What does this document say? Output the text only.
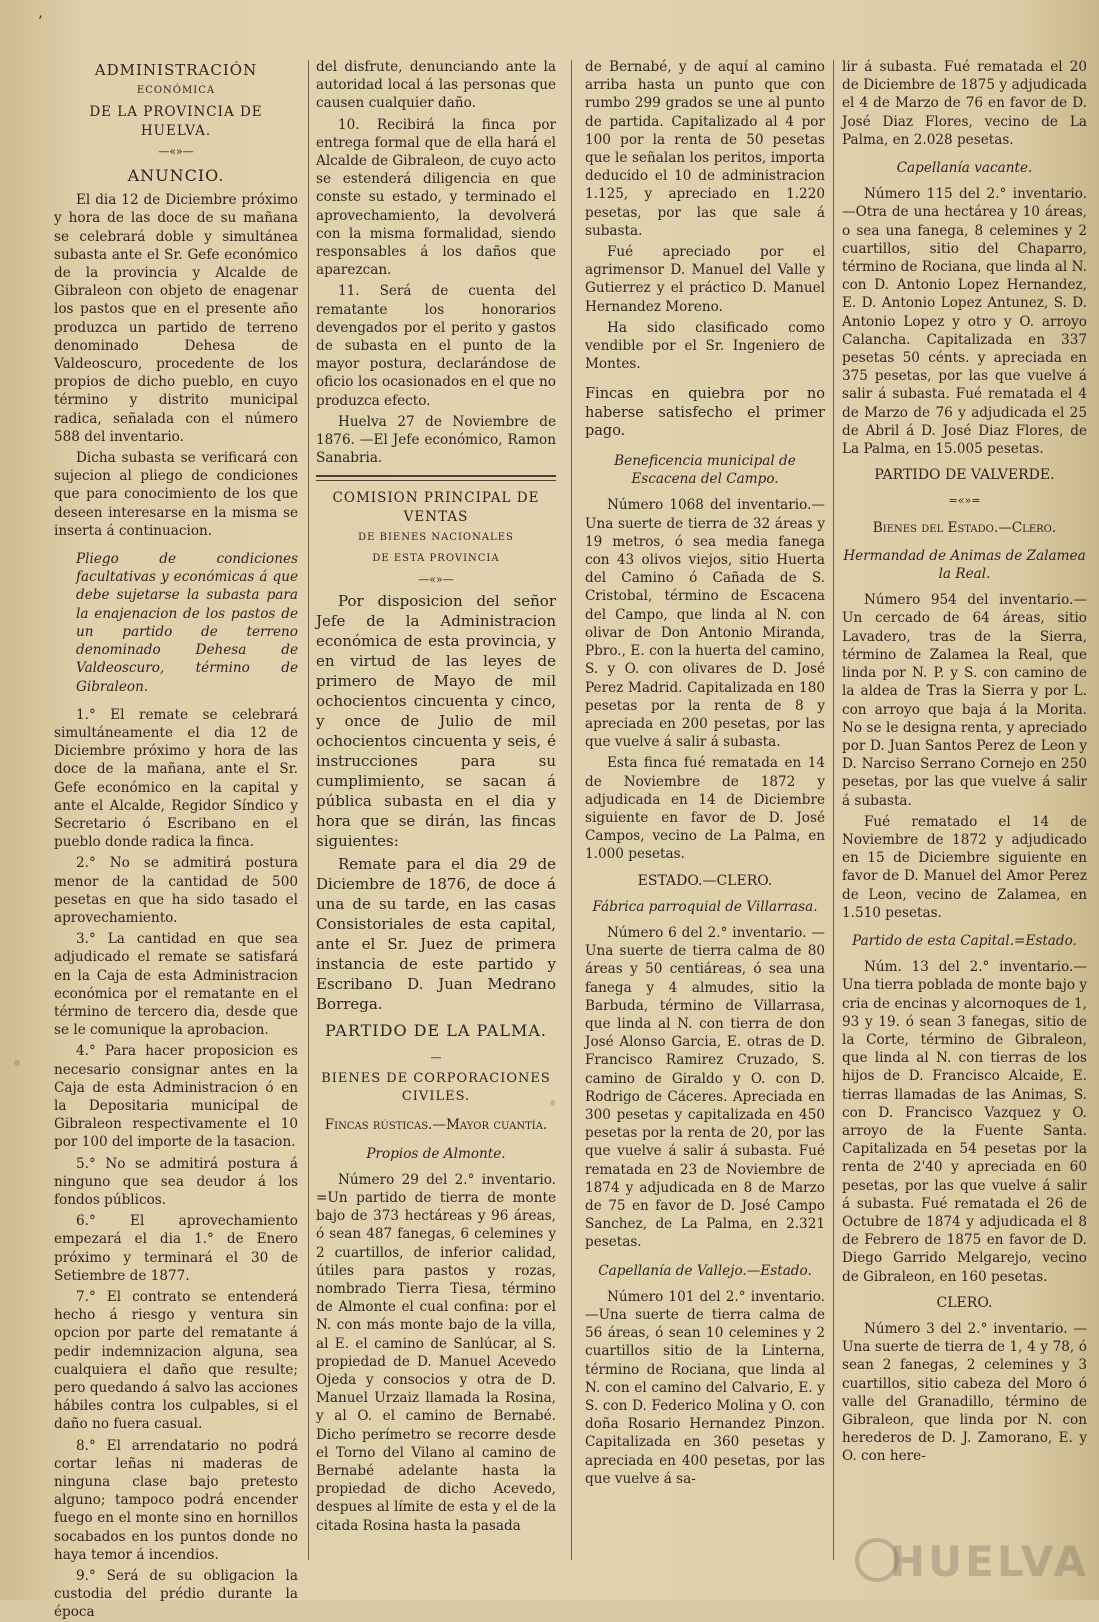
’
ADMINISTRACIÓN
ECONÓMICA
DE LA PROVINCIA DE HUELVA.
—«»—
ANUNCIO.

El dia 12 de Diciembre próximo y hora de las doce de su mañana se celebrará doble y simultánea subasta ante el Sr. Gefe económico de la provincia y Alcalde de Gibraleon con objeto de enagenar los pastos que en el presente año produzca un partido de terreno denominado Dehesa de Valdeoscuro, procedente de los propios de dicho pueblo, en cuyo término y distrito municipal radica, señalada con el número 588 del inventario.

Dicha subasta se verificará con sujecion al pliego de condiciones que para conocimiento de los que deseen interesarse en la misma se inserta á continuacion.

Pliego de condiciones facultativas y económicas á que debe sujetarse la subasta para la enajenacion de los pastos de un partido de terreno denominado Dehesa de Valdeoscuro, término de Gibraleon.

1.° El remate se celebrará simultáneamente el dia 12 de Diciembre próximo y hora de las doce de la mañana, ante el Sr. Gefe económico en la capital y ante el Alcalde, Regidor Síndico y Secretario ó Escribano en el pueblo donde radica la finca.

2.° No se admitirá postura menor de la cantidad de 500 pesetas en que ha sido tasado el aprovechamiento.

3.° La cantidad en que sea adjudicado el remate se satisfará en la Caja de esta Administracion económica por el rematante en el término de tercero dia, desde que se le comunique la aprobacion.

4.° Para hacer proposicion es necesario consignar antes en la Caja de esta Administracion ó en la Depositaria municipal de Gibraleon respectivamente el 10 por 100 del importe de la tasacion.

5.° No se admitirá postura á ninguno que sea deudor á los fondos públicos.

6.° El aprovechamiento empezará el dia 1.° de Enero próximo y terminará el 30 de Setiembre de 1877.

7.° El contrato se entenderá hecho á riesgo y ventura sin opcion por parte del rematante á pedir indemnizacion alguna, sea cualquiera el daño que resulte; pero quedando á salvo las acciones hábiles contra los culpables, si el daño no fuera casual.

8.° El arrendatario no podrá cortar leñas ni maderas de ninguna clase bajo pretesto alguno; tampoco podrá encender fuego en el monte sino en hornillos socabados en los puntos donde no haya temor á incendios.

9.° Será de su obligacion la custodia del prédio durante la época

del disfrute, denunciando ante la autoridad local á las personas que causen cualquier daño.

10. Recibirá la finca por entrega formal que de ella hará el Alcalde de Gibraleon, de cuyo acto se estenderá diligencia en que conste su estado, y terminado el aprovechamiento, la devolverá con la misma formalidad, siendo responsables á los daños que aparezcan.

11. Será de cuenta del rematante los honorarios devengados por el perito y gastos de subasta en el punto de la mayor postura, declarándose de oficio los ocasionados en el que no produzca efecto.

Huelva 27 de Noviembre de 1876. —El Jefe económico, Ramon Sanabria.

COMISION PRINCIPAL DE VENTAS
DE BIENES NACIONALES
DE ESTA PROVINCIA
—«»—

Por disposicion del señor Jefe de la Administracion económica de esta provincia, y en virtud de las leyes de primero de Mayo de mil ochocientos cincuenta y cinco, y once de Julio de mil ochocientos cincuenta y seis, é instrucciones para su cumplimiento, se sacan á pública subasta en el dia y hora que se dirán, las fincas siguientes:

Remate para el dia 29 de Diciembre de 1876, de doce á una de su tarde, en las casas Consistoriales de esta capital, ante el Sr. Juez de primera instancia de este partido y Escribano D. Juan Medrano Borrega.

PARTIDO DE LA PALMA.
—
BIENES DE CORPORACIONES CIVILES.
Fincas rústicas.—Mayor cuantía.
Propios de Almonte.

Número 29 del 2.° inventario. =Un partido de tierra de monte bajo de 373 hectáreas y 96 áreas, ó sean 487 fanegas, 6 celemines y 2 cuartillos, de inferior calidad, útiles para pastos y rozas, nombrado Tierra Tiesa, término de Almonte el cual confina: por el N. con más monte bajo de la villa, al E. el camino de Sanlúcar, al S. propiedad de D. Manuel Acevedo Ojeda y consocios y otra de D. Manuel Urzaiz llamada la Rosina, y al O. el camino de Bernabé. Dicho perímetro se recorre desde el Torno del Vilano al camino de Bernabé adelante hasta la propiedad de dicho Acevedo, despues al límite de esta y el de la citada Rosina hasta la pasada

de Bernabé, y de aquí al camino arriba hasta un punto que con rumbo 299 grados se une al punto de partida. Capitalizado al 4 por 100 por la renta de 50 pesetas que le señalan los peritos, importa deducido el 10 de administracion 1.125, y apreciado en 1.220 pesetas, por las que sale á subasta.

Fué apreciado por el agrimensor D. Manuel del Valle y Gutierrez y el práctico D. Manuel Hernandez Moreno.

Ha sido clasificado como vendible por el Sr. Ingeniero de Montes.

Fincas en quiebra por no haberse satisfecho el primer pago.

Beneficencia municipal de Escacena del Campo.

Número 1068 del inventario.— Una suerte de tierra de 32 áreas y 19 metros, ó sea media fanega con 43 olivos viejos, sitio Huerta del Camino ó Cañada de S. Cristobal, término de Escacena del Campo, que linda al N. con olivar de Don Antonio Miranda, Pbro., E. con la huerta del camino, S. y O. con olivares de D. José Perez Madrid. Capitalizada en 180 pesetas por la renta de 8 y apreciada en 200 pesetas, por las que vuelve á salir á subasta.

Esta finca fué rematada en 14 de Noviembre de 1872 y adjudicada en 14 de Diciembre siguiente en favor de D. José Campos, vecino de La Palma, en 1.000 pesetas.

ESTADO.—CLERO.
Fábrica parroquial de Villarrasa.

Número 6 del 2.° inventario. —Una suerte de tierra calma de 80 áreas y 50 centiáreas, ó sea una fanega y 4 almudes, sitio la Barbuda, término de Villarrasa, que linda al N. con tierra de don José Alonso Garcia, E. otras de D. Francisco Ramirez Cruzado, S. camino de Giraldo y O. con D. Rodrigo de Cáceres. Apreciada en 300 pesetas y capitalizada en 450 pesetas por la renta de 20, por las que vuelve á salir á subasta. Fué rematada en 23 de Noviembre de 1874 y adjudicada en 8 de Marzo de 75 en favor de D. José Campo Sanchez, de La Palma, en 2.321 pesetas.

Capellanía de Vallejo.—Estado.

Número 101 del 2.° inventario.—Una suerte de tierra calma de 56 áreas, ó sean 10 celemines y 2 cuartillos sitio de la Linterna, término de Rociana, que linda al N. con el camino del Calvario, E. y S. con D. Federico Molina y O. con doña Rosario Hernandez Pinzon. Capitalizada en 360 pesetas y apreciada en 400 pesetas, por las que vuelve á sa-

lir á subasta. Fué rematada el 20 de Diciembre de 1875 y adjudicada el 4 de Marzo de 76 en favor de D. José Diaz Flores, vecino de La Palma, en 2.028 pesetas.

Capellanía vacante.

Número 115 del 2.° inventario. —Otra de una hectárea y 10 áreas, o sea una fanega, 8 celemines y 2 cuartillos, sitio del Chaparro, término de Rociana, que linda al N. con D. Antonio Lopez Hernandez, E. D. Antonio Lopez Antunez, S. D. Antonio Lopez y otro y O. arroyo Calancha. Capitalizada en 337 pesetas 50 cénts. y apreciada en 375 pesetas, por las que vuelve á salir á subasta. Fué rematada el 4 de Marzo de 76 y adjudicada el 25 de Abril á D. José Diaz Flores, de La Palma, en 15.005 pesetas.

PARTIDO DE VALVERDE.
=«»=
Bienes del Estado.—Clero.
Hermandad de Animas de Zalamea la Real.

Número 954 del inventario.— Un cercado de 64 áreas, sitio Lavadero, tras de la Sierra, término de Zalamea la Real, que linda por N. P. y S. con camino de la aldea de Tras la Sierra y por L. con arroyo que baja á la Morita. No se le designa renta, y apreciado por D. Juan Santos Perez de Leon y D. Narciso Serrano Cornejo en 250 pesetas, por las que vuelve á salir á subasta.

Fué rematado el 14 de Noviembre de 1872 y adjudicado en 15 de Diciembre siguiente en favor de D. Manuel del Amor Perez de Leon, vecino de Zalamea, en 1.510 pesetas.

Partido de esta Capital.=Estado.

Núm. 13 del 2.° inventario.— Una tierra poblada de monte bajo y cria de encinas y alcornoques de 1, 93 y 19. ó sean 3 fanegas, sitio de la Corte, término de Gibraleon, que linda al N. con tierras de los hijos de D. Francisco Alcaide, E. tierras llamadas de las Animas, S. con D. Francisco Vazquez y O. arroyo de la Fuente Santa. Capitalizada en 54 pesetas por la renta de 2'40 y apreciada en 60 pesetas, por las que vuelve á salir á subasta. Fué rematada el 26 de Octubre de 1874 y adjudicada el 8 de Febrero de 1875 en favor de D. Diego Garrido Melgarejo, vecino de Gibraleon, en 160 pesetas.

CLERO.

Número 3 del 2.° inventario. —Una suerte de tierra de 1, 4 y 78, ó sean 2 fanegas, 2 celemines y 3 cuartillos, sitio cabeza del Moro ó valle del Granadillo, término de Gibraleon, que linda por N. con herederos de D. J. Zamorano, E. y O. con here-

HUELVA
